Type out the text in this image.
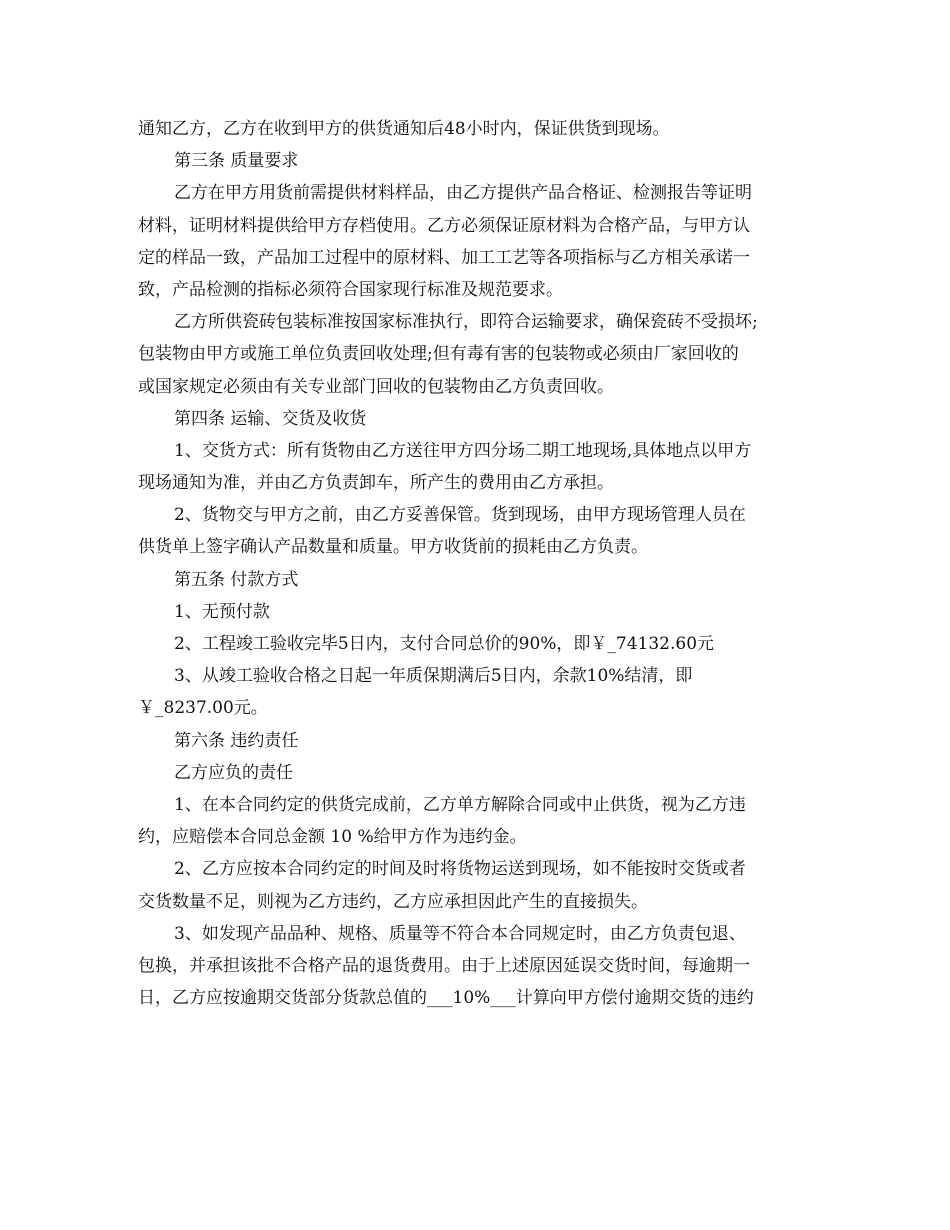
通知乙方，乙方在收到甲方的供货通知后48小时内，保证供货到现场。
第三条 质量要求
乙方在甲方用货前需提供材料样品，由乙方提供产品合格证、检测报告等证明
材料，证明材料提供给甲方存档使用。乙方必须保证原材料为合格产品，与甲方认
定的样品一致，产品加工过程中的原材料、加工工艺等各项指标与乙方相关承诺一
致，产品检测的指标必须符合国家现行标准及规范要求。
乙方所供瓷砖包装标准按国家标准执行，即符合运输要求，确保瓷砖不受损坏;
包装物由甲方或施工单位负责回收处理;但有毒有害的包装物或必须由厂家回收的
或国家规定必须由有关专业部门回收的包装物由乙方负责回收。
第四条 运输、交货及收货
1、交货方式：所有货物由乙方送往甲方四分场二期工地现场,具体地点以甲方
现场通知为准，并由乙方负责卸车，所产生的费用由乙方承担。
2、货物交与甲方之前，由乙方妥善保管。货到现场，由甲方现场管理人员在
供货单上签字确认产品数量和质量。甲方收货前的损耗由乙方负责。
第五条 付款方式
1、无预付款
2、工程竣工验收完毕5日内，支付合同总价的90%，即￥_74132.60元
3、从竣工验收合格之日起一年质保期满后5日内，余款10%结清，即
￥_8237.00元。
第六条 违约责任
乙方应负的责任
1、在本合同约定的供货完成前，乙方单方解除合同或中止供货，视为乙方违
约，应赔偿本合同总金额 10 %给甲方作为违约金。
2、乙方应按本合同约定的时间及时将货物运送到现场，如不能按时交货或者
交货数量不足，则视为乙方违约，乙方应承担因此产生的直接损失。
3、如发现产品品种、规格、质量等不符合本合同规定时，由乙方负责包退、
包换，并承担该批不合格产品的退货费用。由于上述原因延误交货时间，每逾期一
日，乙方应按逾期交货部分货款总值的___10%___计算向甲方偿付逾期交货的违约
